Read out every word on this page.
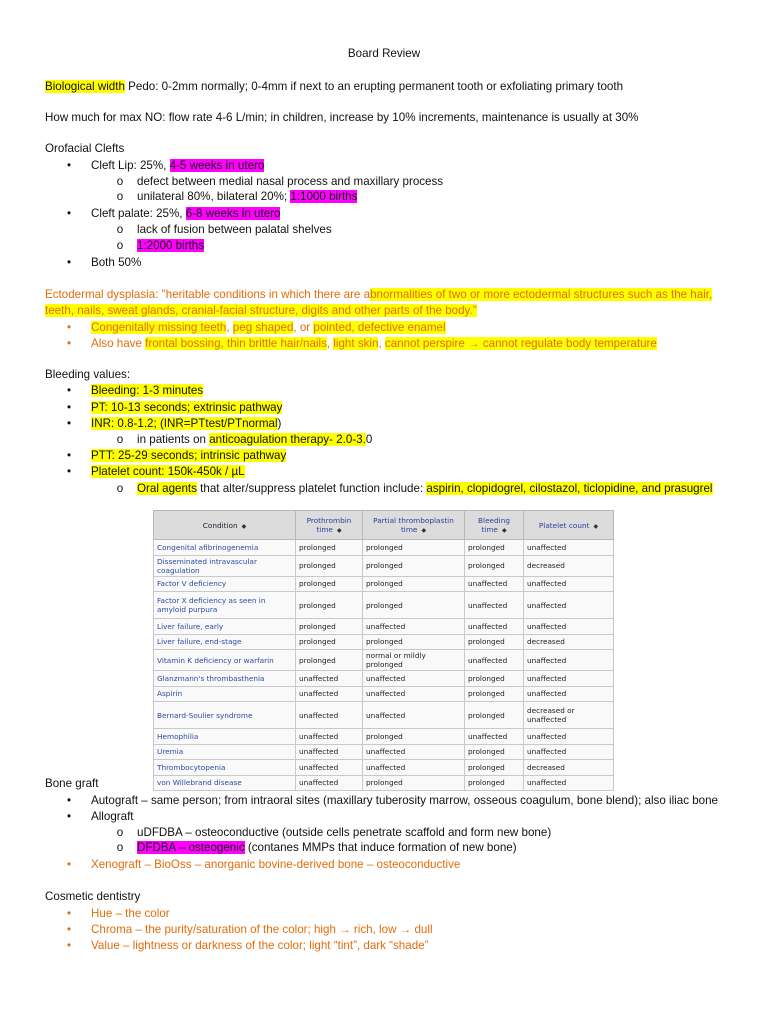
Board Review
Biological width Pedo: 0-2mm normally; 0-4mm if next to an erupting permanent tooth or exfoliating primary tooth
How much for max NO: flow rate 4-6 L/min; in children, increase by 10% increments, maintenance is usually at 30%
Orofacial Clefts
•	Cleft Lip: 25%, 4-5 weeks in utero
o	defect between medial nasal process and maxillary process
o	unilateral 80%, bilateral 20%; 1:1000 births
•	Cleft palate: 25%, 6-8 weeks in utero
o	lack of fusion between palatal shelves
o	1:2000 births
•	Both 50%
Ectodermal dysplasia: "heritable conditions in which there are abnormalities of two or more ectodermal structures such as the hair,
teeth, nails, sweat glands, cranial-facial structure, digits and other parts of the body."
•	Congenitally missing teeth, peg shaped, or pointed, defective enamel
•	Also have frontal bossing, thin brittle hair/nails, light skin, cannot perspire → cannot regulate body temperature
Bleeding values:
•	Bleeding: 1-3 minutes
•	PT: 10-13 seconds; extrinsic pathway
•	INR: 0.8-1.2; (INR=PTtest/PTnormal)
o	in patients on anticoagulation therapy- 2.0-3.0
•	PTT: 25-29 seconds; intrinsic pathway
•	Platelet count: 150k-450k / µL
o	Oral agents that alter/suppress platelet function include: aspirin, clopidogrel, cilostazol, ticlopidine, and prasugrel
Condition ◆	Prothrombin time ◆	Partial thromboplastin time ◆	Bleeding time ◆	Platelet count ◆
Congenital afibrinogenemia	prolonged	prolonged	prolonged	unaffected
Disseminated intravascular coagulation	prolonged	prolonged	prolonged	decreased
Factor V deficiency	prolonged	prolonged	unaffected	unaffected
Factor X deficiency as seen in amyloid purpura	prolonged	prolonged	unaffected	unaffected
Liver failure, early	prolonged	unaffected	unaffected	unaffected
Liver failure, end-stage	prolonged	prolonged	prolonged	decreased
Vitamin K deficiency or warfarin	prolonged	normal or mildly prolonged	unaffected	unaffected
Glanzmann's thrombasthenia	unaffected	unaffected	prolonged	unaffected
Aspirin	unaffected	unaffected	prolonged	unaffected
Bernard-Soulier syndrome	unaffected	unaffected	prolonged	decreased or unaffected
Hemophilia	unaffected	prolonged	unaffected	unaffected
Uremia	unaffected	unaffected	prolonged	unaffected
Thrombocytopenia	unaffected	unaffected	prolonged	decreased
von Willebrand disease	unaffected	prolonged	prolonged	unaffected
Bone graft
•	Autograft – same person; from intraoral sites (maxillary tuberosity marrow, osseous coagulum, bone blend); also iliac bone
•	Allograft
o	uDFDBA – osteoconductive (outside cells penetrate scaffold and form new bone)
o	DFDBA – osteogenic (contanes MMPs that induce formation of new bone)
•	Xenograft – BioOss – anorganic bovine-derived bone – osteoconductive
Cosmetic dentistry
•	Hue – the color
•	Chroma – the purity/saturation of the color; high → rich, low → dull
•	Value – lightness or darkness of the color; light “tint”, dark “shade”
